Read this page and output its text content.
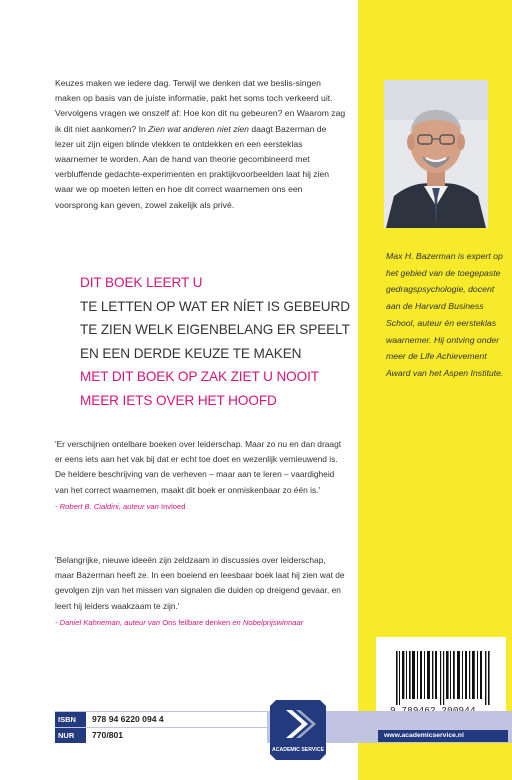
Keuzes maken we iedere dag. Terwijl we denken dat we beslis-singen maken op basis van de juiste informatie, pakt het soms toch verkeerd uit. Vervolgens vragen we onszelf af: Hoe kon dit nu gebeuren? en Waarom zag ik dit niet aankomen? In Zien wat anderen niet zien daagt Bazerman de lezer uit zijn eigen blinde vlekken te ontdekken en een eersteklas waarnemer te worden. Aan de hand van theorie gecombineerd met verbluffende gedachte-experimenten en praktijkvoorbeelden laat hij zien waar we op moeten letten en hoe dit correct waarnemen ons een voorsprong kan geven, zowel zakelijk als privé.
DIT BOEK LEERT U
TE LETTEN OP WAT ER NÍET IS GEBEURD
TE ZIEN WELK EIGENBELANG ER SPEELT
EN EEN DERDE KEUZE TE MAKEN
MET DIT BOEK OP ZAK ZIET U NOOIT
MEER IETS OVER HET HOOFD
'Er verschijnen ontelbare boeken over leiderschap. Maar zo nu en dan draagt er eens iets aan het vak bij dat er echt toe doet en wezenlijk vernieuwend is. De heldere beschrijving van de verheven – maar aan te leren – vaardigheid van het correct waarnemen, maakt dit boek er onmiskenbaar zo één is.'
- Robert B. Cialdini, auteur van Invloed
'Belangrijke, nieuwe ideeën zijn zeldzaam in discussies over leiderschap, maar Bazerman heeft ze. In een boeiend en leesbaar boek laat hij zien wat de gevolgen zijn van het missen van signalen die duiden op dreigend gevaar, en leert hij leiders waakzaam te zijn.'
- Daniel Kahneman, auteur van Ons feilbare denken en Nobelprijswinnaar
Max H. Bazerman is expert op het gebied van de toegepaste gedragspsychologie, docent aan de Harvard Business School, auteur én eersteklas waarnemer. Hij ontving onder meer de Life Achievement Award van het Aspen Institute.
ISBN	978 94 6220 094 4
NUR	770/801
ACADEMIC SERVICE
www.academicservice.nl
